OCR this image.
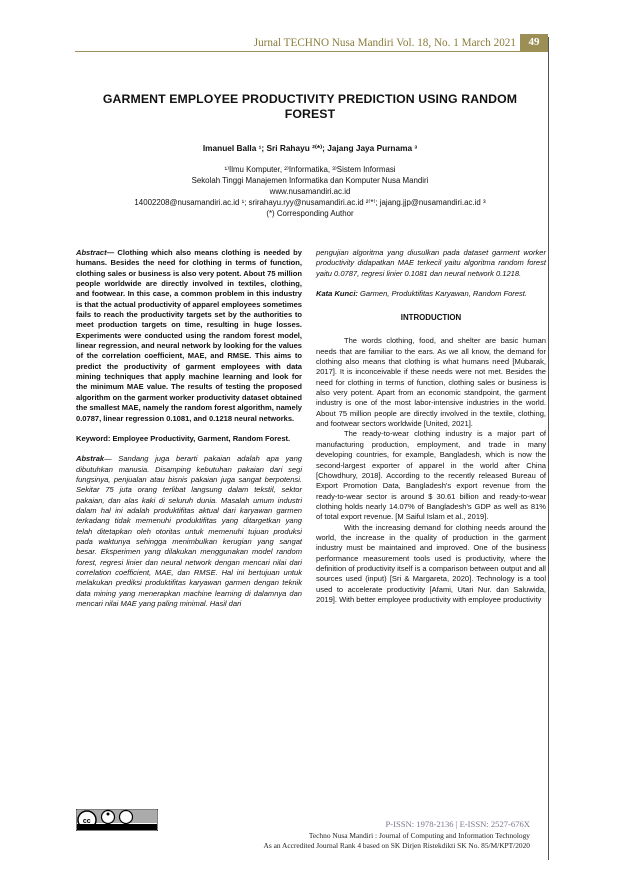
Jurnal TECHNO Nusa Mandiri Vol. 18, No. 1 March 2021	49
GARMENT EMPLOYEE PRODUCTIVITY PREDICTION USING RANDOM FOREST
Imanuel Balla ¹; Sri Rahayu ²⁽*⁾; Jajang Jaya Purnama ³
¹⁾Ilmu Komputer, ²⁾Informatika, ³⁾Sistem Informasi
Sekolah Tinggi Manajemen Informatika dan Komputer Nusa Mandiri
www.nusamandiri.ac.id
14002208@nusamandiri.ac.id ¹; srirahayu.ryy@nusamandiri.ac.id ²⁽*⁾; jajang.jjp@nusamandiri.ac.id ³
(*) Corresponding Author

Abstract— Clothing which also means clothing is needed by humans. Besides the need for clothing in terms of function, clothing sales or business is also very potent. About 75 million people worldwide are directly involved in textiles, clothing, and footwear. In this case, a common problem in this industry is that the actual productivity of apparel employees sometimes fails to reach the productivity targets set by the authorities to meet production targets on time, resulting in huge losses. Experiments were conducted using the random forest model, linear regression, and neural network by looking for the values of the correlation coefficient, MAE, and RMSE. This aims to predict the productivity of garment employees with data mining techniques that apply machine learning and look for the minimum MAE value. The results of testing the proposed algorithm on the garment worker productivity dataset obtained the smallest MAE, namely the random forest algorithm, namely 0.0787, linear regression 0.1081, and 0.1218 neural networks.

Keyword: Employee Productivity, Garment, Random Forest.

Abstrak— Sandang juga berarti pakaian adalah apa yang dibutuhkan manusia. Disamping kebutuhan pakaian dari segi fungsinya, penjualan atau bisnis pakaian juga sangat berpotensi. Sekitar 75 juta orang terlibat langsung dalam tekstil, sektor pakaian, dan alas kaki di seluruh dunia. Masalah umum industri dalam hal ini adalah produktifitas aktual dari karyawan garmen terkadang tidak memenuhi produktifitas yang ditargetkan yang telah ditetapkan oleh otoritas untuk memenuhi tujuan produksi pada waktunya sehingga menimbulkan kerugian yang sangat besar. Eksperimen yang dilakukan menggunakan model random forest, regresi linier dan neural network dengan mencari nilai dari correlation coefficient, MAE, dan RMSE. Hal ini bertujuan untuk melakukan prediksi produktifitas karyawan garmen dengan teknik data mining yang menerapkan machine learning di dalamnya dan mencari nilai MAE yang paling minimal. Hasil dari

pengujian algoritma yang diusulkan pada dataset garment worker productivity didapatkan MAE terkecil yaitu algoritma random forest yaitu 0.0787, regresi linier 0.1081 dan neural network 0.1218.

Kata Kunci: Garmen, Produktifitas Karyawan, Random Forest.

INTRODUCTION

The words clothing, food, and shelter are basic human needs that are familiar to the ears. As we all know, the demand for clothing also means that clothing is what humans need [Mubarak, 2017]. It is inconceivable if these needs were not met. Besides the need for clothing in terms of function, clothing sales or business is also very potent. Apart from an economic standpoint, the garment industry is one of the most labor-intensive industries in the world. About 75 million people are directly involved in the textile, clothing, and footwear sectors worldwide [United, 2021].

The ready-to-wear clothing industry is a major part of manufacturing production, employment, and trade in many developing countries, for example, Bangladesh, which is now the second-largest exporter of apparel in the world after China [Chowdhury, 2018]. According to the recently released Bureau of Export Promotion Data, Bangladesh's export revenue from the ready-to-wear sector is around $ 30.61 billion and ready-to-wear clothing holds nearly 14.07% of Bangladesh's GDP as well as 81% of total export revenue. [M Saiful Islam et al., 2019].

With the increasing demand for clothing needs around the world, the increase in the quality of production in the garment industry must be maintained and improved. One of the business performance measurement tools used is productivity, where the definition of productivity itself is a comparison between output and all sources used (input) [Sri & Margareta, 2020]. Technology is a tool used to accelerate productivity [Afami, Utari Nur. dan Saluwida, 2019]. With better employee productivity with employee productivity

cc	P-ISSN: 1978-2136 | E-ISSN: 2527-676X
Techno Nusa Mandiri : Journal of Computing and Information Technology
As an Accredited Journal Rank 4 based on SK Dirjen Ristekdikti SK No. 85/M/KPT/2020
